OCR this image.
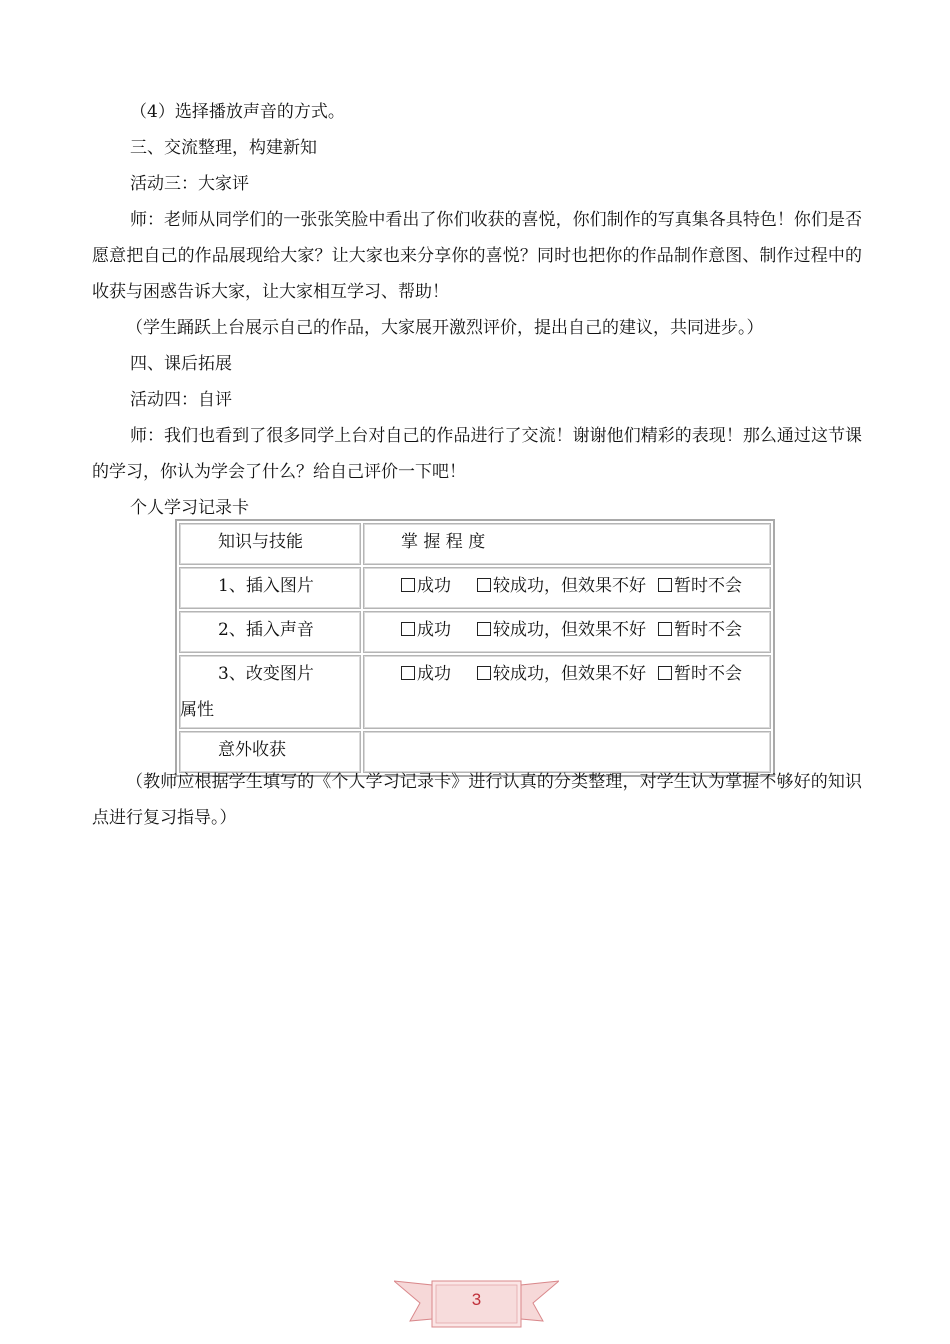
（4）选择播放声音的方式。

三、交流整理，构建新知

活动三：大家评

师：老师从同学们的一张张笑脸中看出了你们收获的喜悦，你们制作的写真集各具特色！你们是否愿意把自己的作品展现给大家？让大家也来分享你的喜悦？同时也把你的作品制作意图、制作过程中的收获与困惑告诉大家，让大家相互学习、帮助！

（学生踊跃上台展示自己的作品，大家展开激烈评价，提出自己的建议，共同进步。）

四、课后拓展

活动四：自评

师：我们也看到了很多同学上台对自己的作品进行了交流！谢谢他们精彩的表现！那么通过这节课的学习，你认为学会了什么？给自己评价一下吧！

个人学习记录卡

知识与技能	掌 握 程 度
1、插入图片	成功 较成功，但效果不好 暂时不会
2、插入声音	成功 较成功，但效果不好 暂时不会
3、改变图片
属性	成功 较成功，但效果不好 暂时不会
意外收获	

（教师应根据学生填写的《个人学习记录卡》进行认真的分类整理，对学生认为掌握不够好的知识点进行复习指导。）

3
